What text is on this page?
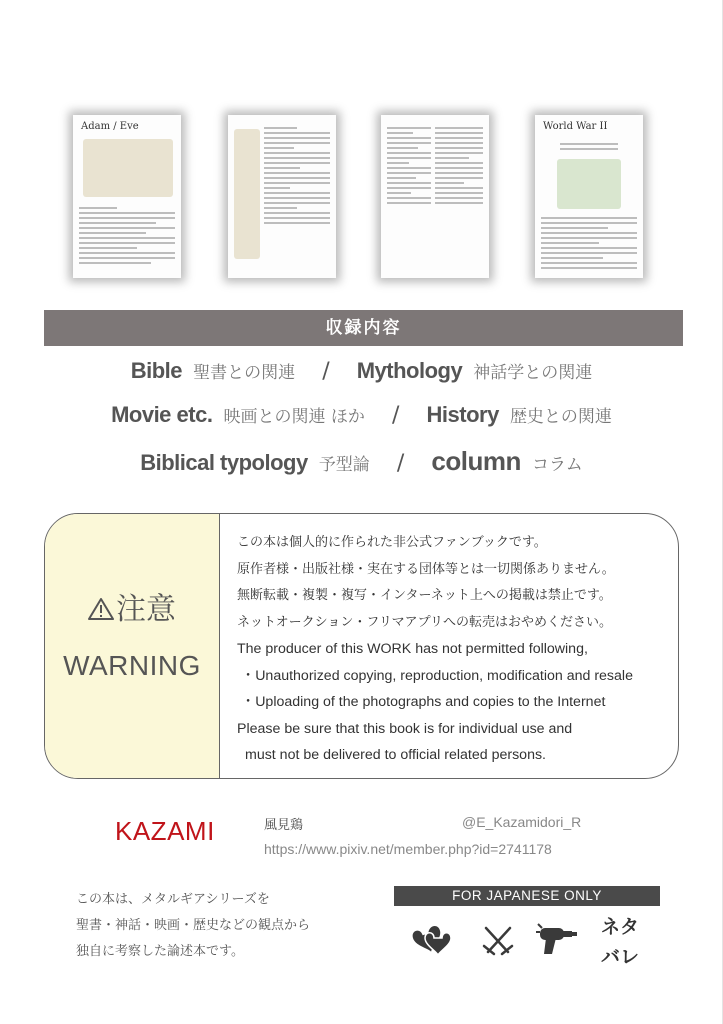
Adam / Eve	World War II
収録内容
Bible 聖書との関連 / Mythology 神話学との関連
Movie etc. 映画との関連 ほか / History 歴史との関連
Biblical typology 予型論 / column コラム
注意
WARNING
この本は個人的に作られた非公式ファンブックです。
原作者様・出版社様・実在する団体等とは一切関係ありません。
無断転載・複製・複写・インターネット上への掲載は禁止です。
ネットオークション・フリマアプリへの転売はおやめください。
The producer of this WORK has not permitted following,
・Unauthorized copying, reproduction, modification and resale
・Uploading of the photographs and copies to the Internet
Please be sure that this book is for individual use and
must not be delivered to official related persons.
KAZAMI	風見鶏	@E_Kazamidori_R
https://www.pixiv.net/member.php?id=2741178
この本は、メタルギアシリーズを
聖書・神話・映画・歴史などの観点から
独自に考察した論述本です。
FOR JAPANESE ONLY
ネタ
バレ
